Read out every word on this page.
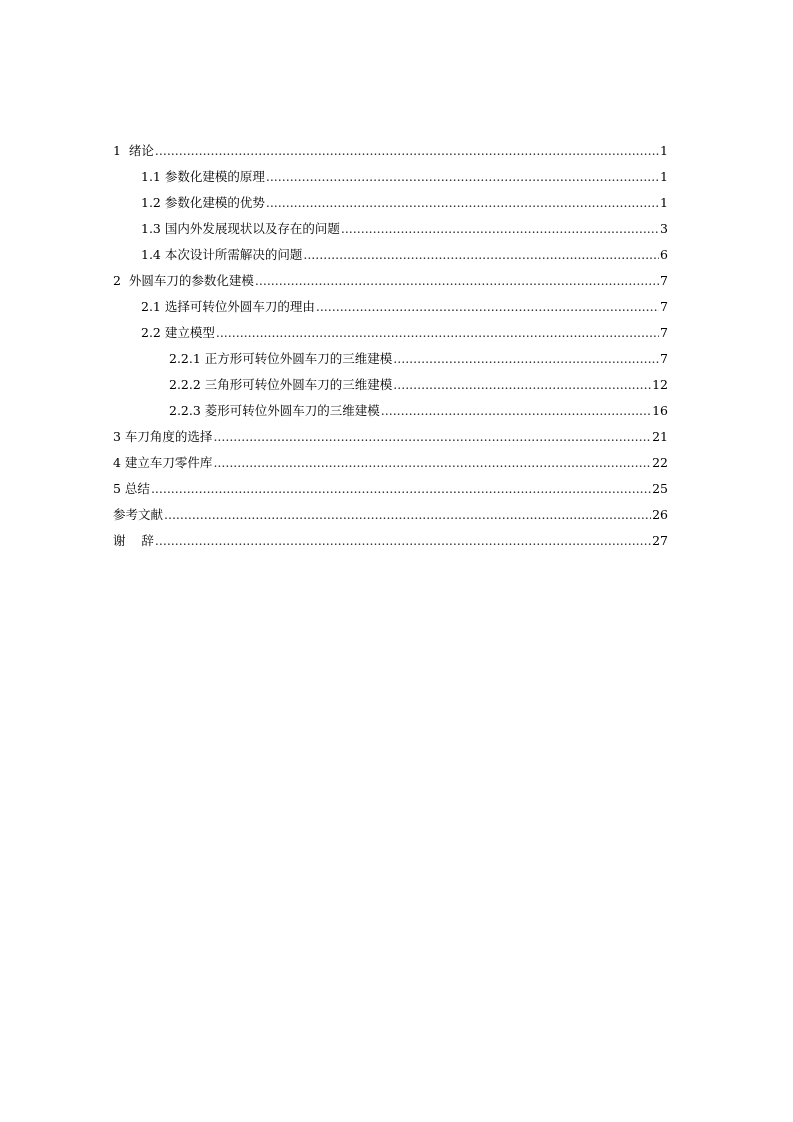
1  绪论 .....	1
1.1 参数化建模的原理 .....	1
1.2 参数化建模的优势 .....	1
1.3 国内外发展现状以及存在的问题 .....	3
1.4 本次设计所需解决的问题 .....	6
2  外圆车刀的参数化建模 .....	7
2.1 选择可转位外圆车刀的理由 .....	7
2.2 建立模型 .....	7
2.2.1 正方形可转位外圆车刀的三维建模 .....	7
2.2.2 三角形可转位外圆车刀的三维建模 .....	12
2.2.3 菱形可转位外圆车刀的三维建模 .....	16
3 车刀角度的选择 .....	21
4 建立车刀零件库 .....	22
5 总结 .....	25
参考文献 .....	26
谢    辞 .....	27
